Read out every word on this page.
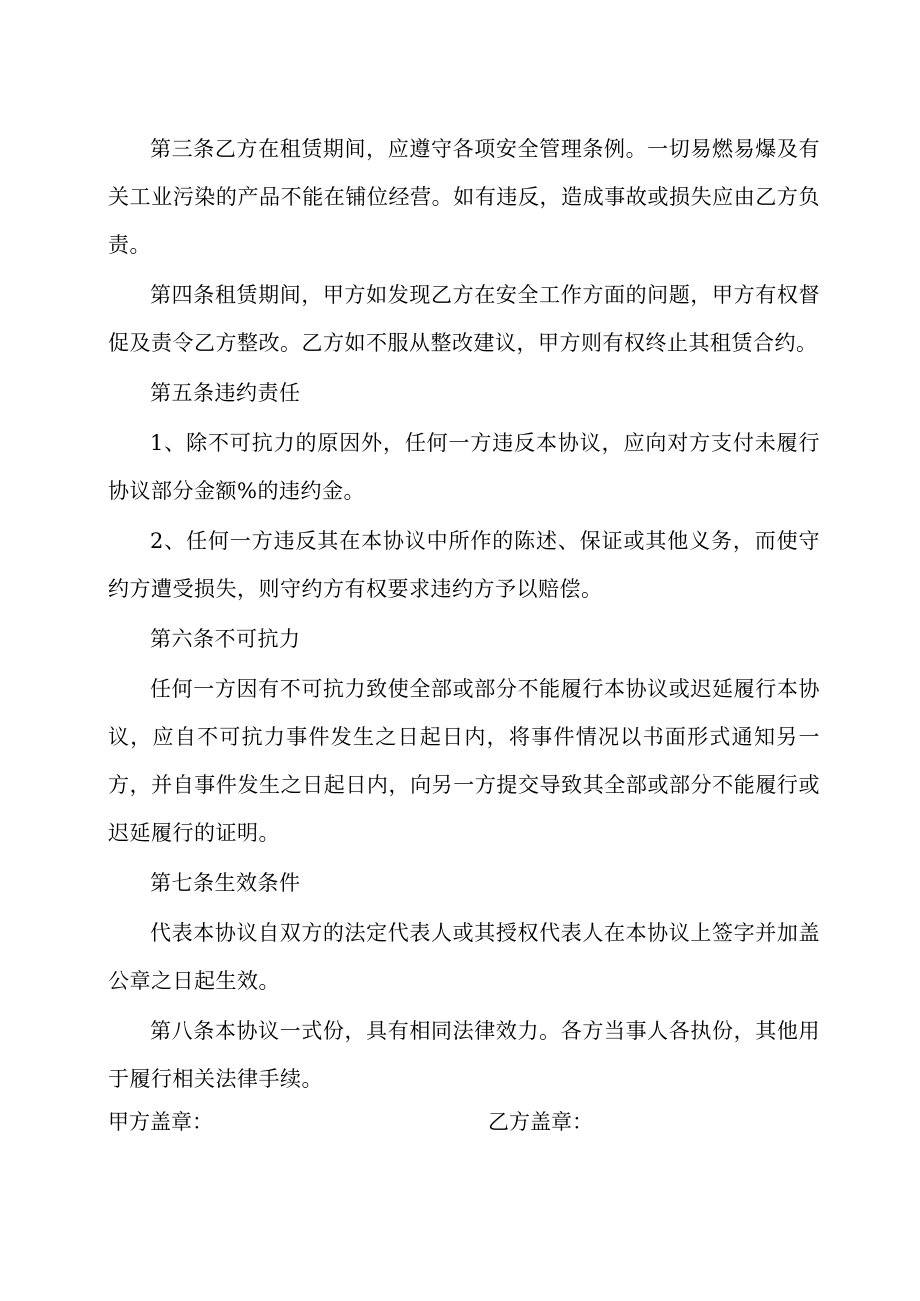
第三条乙方在租赁期间，应遵守各项安全管理条例。一切易燃易爆及有关工业污染的产品不能在铺位经营。如有违反，造成事故或损失应由乙方负责。

第四条租赁期间，甲方如发现乙方在安全工作方面的问题，甲方有权督促及责令乙方整改。乙方如不服从整改建议，甲方则有权终止其租赁合约。

第五条违约责任

1、除不可抗力的原因外，任何一方违反本协议，应向对方支付未履行协议部分金额%的违约金。

2、任何一方违反其在本协议中所作的陈述、保证或其他义务，而使守约方遭受损失，则守约方有权要求违约方予以赔偿。

第六条不可抗力

任何一方因有不可抗力致使全部或部分不能履行本协议或迟延履行本协议，应自不可抗力事件发生之日起日内，将事件情况以书面形式通知另一方，并自事件发生之日起日内，向另一方提交导致其全部或部分不能履行或迟延履行的证明。

第七条生效条件

代表本协议自双方的法定代表人或其授权代表人在本协议上签字并加盖公章之日起生效。

第八条本协议一式份，具有相同法律效力。各方当事人各执份，其他用于履行相关法律手续。

甲方盖章：	乙方盖章：
